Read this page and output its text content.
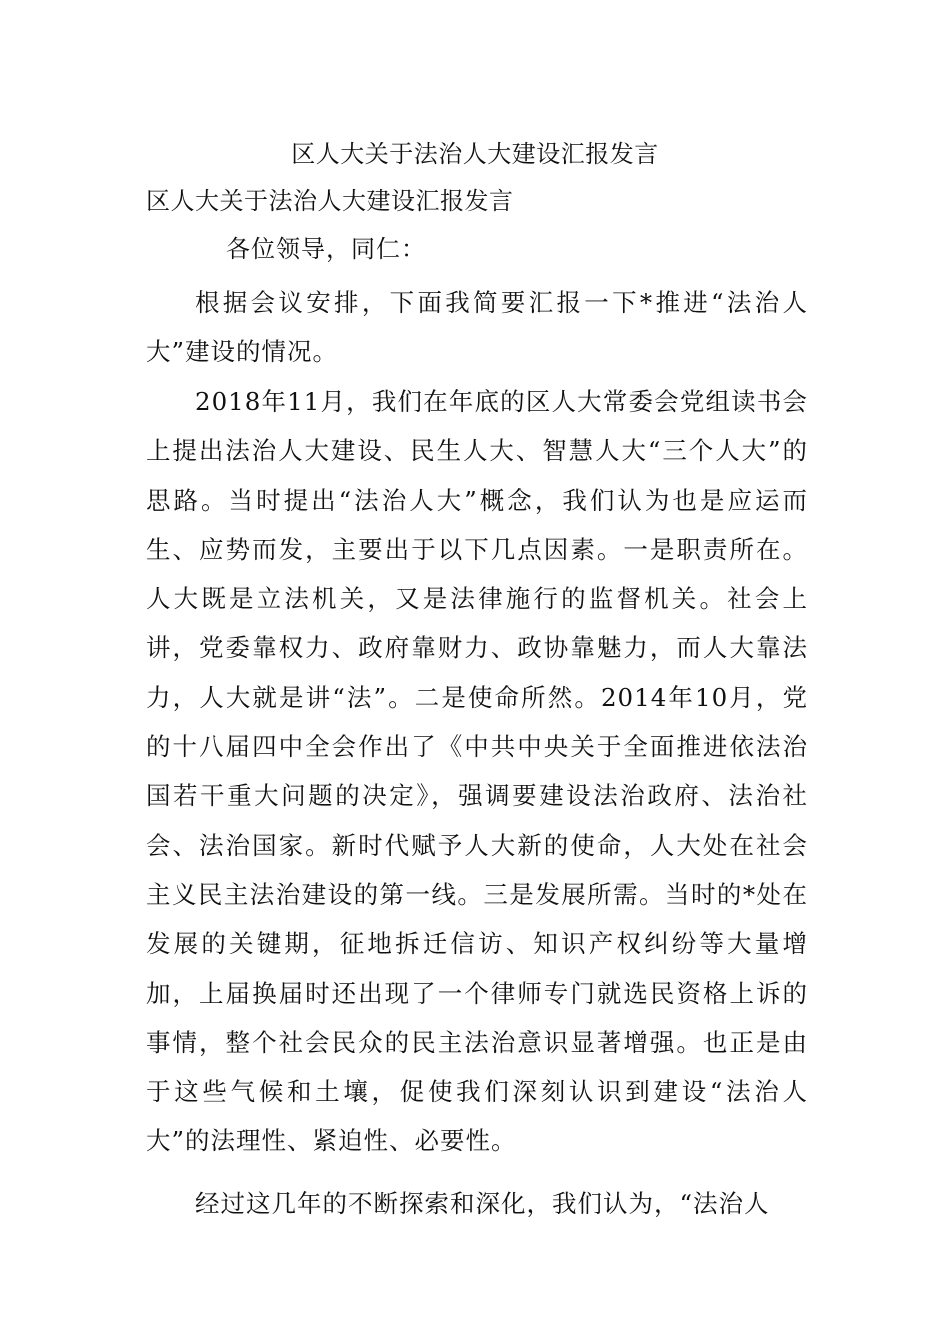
区人大关于法治人大建设汇报发言
区人大关于法治人大建设汇报发言
各位领导，同仁：

根据会议安排，下面我简要汇报一下*推进“法治人大”建设的情况。

2018年11月，我们在年底的区人大常委会党组读书会上提出法治人大建设、民生人大、智慧人大“三个人大”的思路。当时提出“法治人大”概念，我们认为也是应运而生、应势而发，主要出于以下几点因素。一是职责所在。人大既是立法机关，又是法律施行的监督机关。社会上讲，党委靠权力、政府靠财力、政协靠魅力，而人大靠法力，人大就是讲“法”。二是使命所然。2014年10月，党的十八届四中全会作出了《中共中央关于全面推进依法治国若干重大问题的决定》，强调要建设法治政府、法治社会、法治国家。新时代赋予人大新的使命，人大处在社会主义民主法治建设的第一线。三是发展所需。当时的*处在发展的关键期，征地拆迁信访、知识产权纠纷等大量增加，上届换届时还出现了一个律师专门就选民资格上诉的事情，整个社会民众的民主法治意识显著增强。也正是由于这些气候和土壤，促使我们深刻认识到建设“法治人大”的法理性、紧迫性、必要性。

经过这几年的不断探索和深化，我们认为，“法治人
